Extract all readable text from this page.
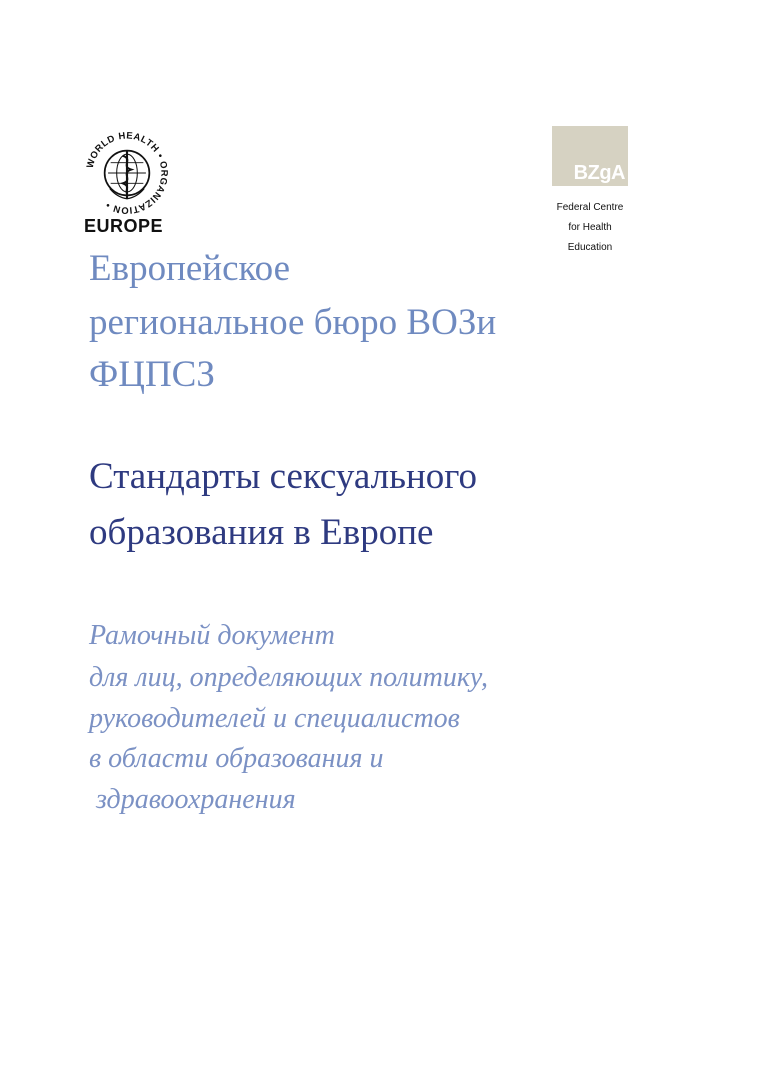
WORLD HEALTH • ORGANIZATION •
EUROPE
BZgA
Federal Centre
for Health
Education
Европейское
региональное бюро ВОЗи
ФЦПСЗ
Стандарты сексуального
образования в Европе
Рамочный документ
для лиц, определяющих политику,
руководителей и специалистов
в области образования и
здравоохранения
